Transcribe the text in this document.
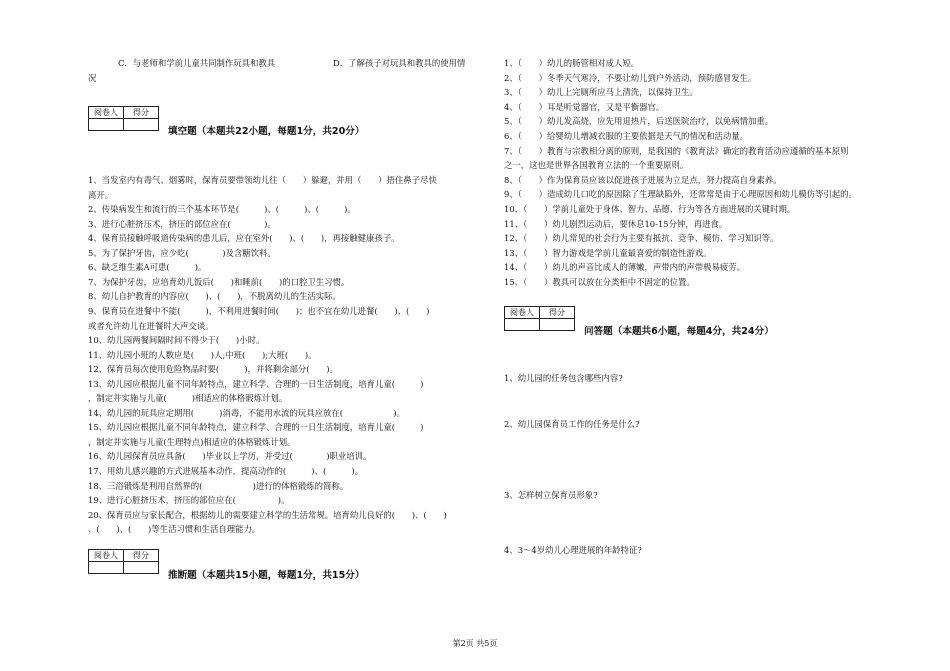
C．与老师和学前儿童共同制作玩具和教具	D．了解孩子对玩具和教具的使用情
况
阅卷人	得分

填空题（本题共22小题，每题1分，共20分）
1、当发室内有毒气、烟雾时，保育员要带领幼儿往（　　）躲避，并用（　　）捂住鼻子尽快
离开。
2、传染病发生和流行的三个基本环节是(　　　)、(　　　)、(　　　)。
3、进行心脏挤压术，挤压的部位应在(　　　　)。
4、保育员接触呼吸道传染病的患儿后，应在室外(　　)、(　　)，再接触健康孩子。
5、为了保护牙齿，应少吃(　　　　)及含糖饮料。
6、缺乏维生素A可患(　　　)。
7、为保护牙齿，应培育幼儿饭后(　　)和睡前(　　)的口腔卫生习惯。
8、幼儿自护教育的内容应(　　)、(　　)，不脱离幼儿的生活实际。
9、保育员在进餐中不能(　　　)，不利用进餐时间(　　)；也不宜在幼儿进餐(　　)、(　　)
或者允许幼儿在进餐时大声交谈。
10、幼儿园两餐间隔时间不得少于(　　)小时。
11、幼儿园小班的人数应是(　　)人;中班(　　);大班(　　)。
12、保育员每次使用危险物品时要(　　　)，并将剩余部分(　　)。
13、幼儿园应根据儿童不同年龄特点，建立科学、合理的一日生活制度，培育儿童(　　　)
，制定并实施与儿童(　　　)相适应的体格锻炼计划。
14、幼儿园的玩具应定期用(　　　)消毒，不能用水流的玩具应放在(　　　　　　)。
15、幼儿园应根据儿童不同年龄特点，建立科学、合理的一日生活制度，培育儿童(　　　)
，制定并实施与儿童(生理特点)相适应的体格锻炼计划。
16、幼儿园保育员应具备(　　)毕业以上学历，并受过(　　　　)职业培训。
17、用幼儿感兴趣的方式进展基本动作，提高动作的(　　　)、(　　　)。
18、三浴锻炼是利用自然界的(　　　　　　)进行的体格锻炼的简称。
19、进行心脏挤压术，挤压的部位应在(　　　　　)。
20、保育员应与家长配合，根据幼儿的需要建立科学的生活常规。培育幼儿良好的(　　)、(　　)
、(　　)、(　　)等生活习惯和生活自理能力。
阅卷人	得分

推断题（本题共15小题，每题1分，共15分）
1、（　　）幼儿的肠管相对成人短。
2、（　　）冬季天气寒冷，不要让幼儿到户外活动，预防感冒发生。
3、（　　）幼儿上完厕所应马上清洗，以保持卫生。
4、（　　）耳是听觉器官，又是平衡器官。
5、（　　）幼儿发高烧，应先用退热片，后送医院治疗，以免病情加重。
6、（　　）给婴幼儿增减衣服的主要依据是天气的情况和活动量。
7、（　　）教育与宗教相分离的原则，是我国的《教育法》确定的教育活动应遵循的基本原则
之一，这也是世界各国教育立法的一个重要原则。
8、（　　）作为保育员应该以促进孩子进展为立足点，努力提高自身素养。
9、（　　）造成幼儿口吃的原因除了生理缺陷外，还常常是由于心理原因和幼儿模仿等引起的。
10、（　　）学前儿童处于身体、智力、品德、行为等各方面进展的关键时期。
11、（　　）幼儿剧烈运动后，要休息10-15分钟，再进食。
12、（　　）幼儿常见的社会行为主要有抵抗、竞争、模仿、学习知识等。
13、（　　）智力游戏是学前儿童最喜爱的制造性游戏。
14、（　　）幼儿的声音比成人的薄嫩，声带内的声带极易疲劳。
15、（　　）教具可以放在分类柜中不固定的位置。
阅卷人	得分

问答题（本题共6小题，每题4分，共24分）
1、幼儿园的任务包含哪些内容?
2、幼儿园保育员工作的任务是什么?
3、怎样树立保育员形象?
4、3～4岁幼儿心理进展的年龄特征?
第2页 共5页
